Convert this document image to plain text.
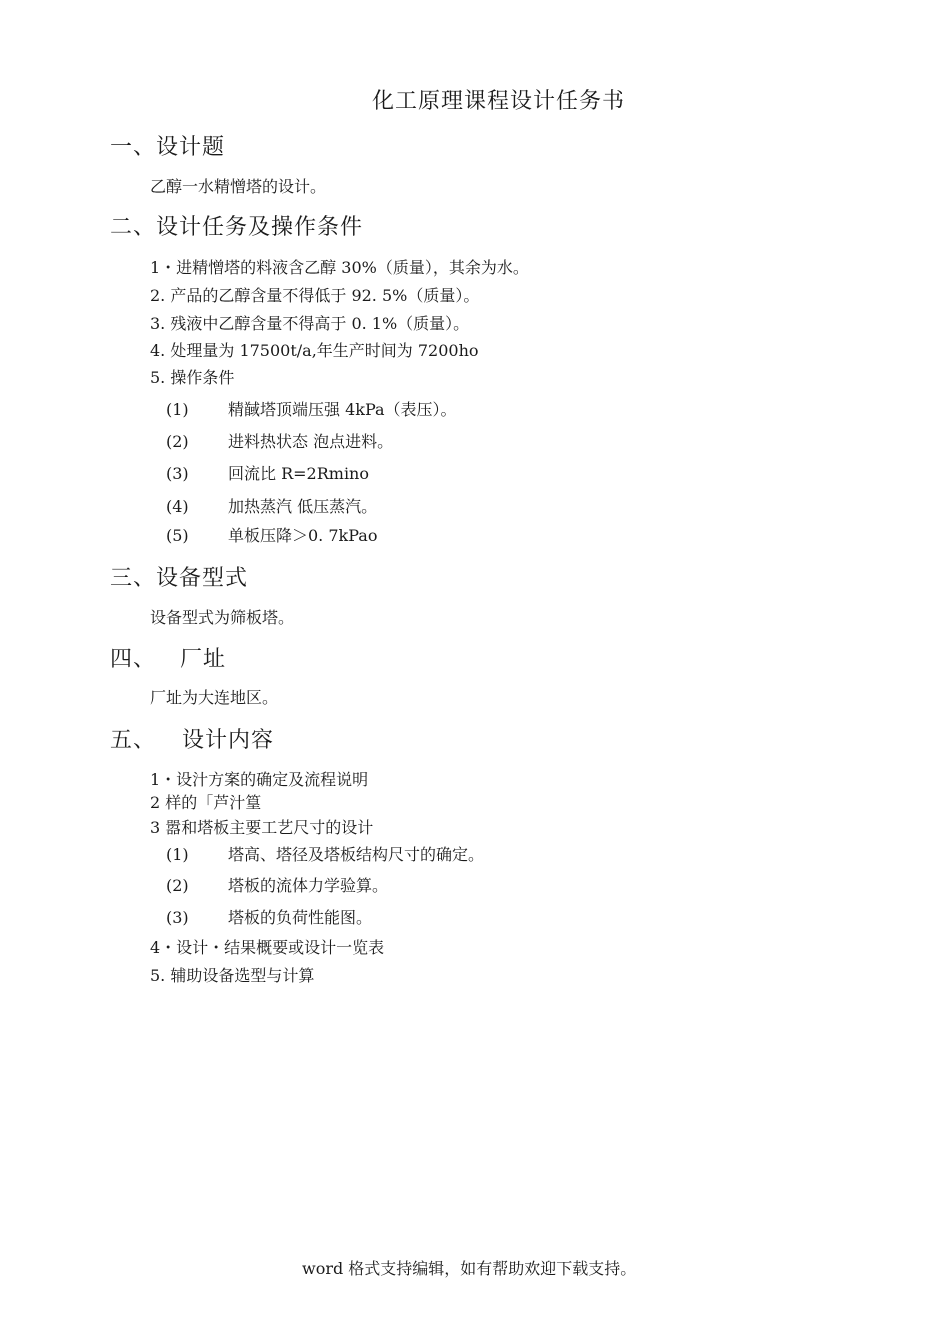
化工原理课程设计任务书
一、设计题
乙醇一水精憎塔的设计。
二、设计任务及操作条件
1・进精憎塔的料液含乙醇 30%（质量），其余为水。
2. 产品的乙醇含量不得低于 92. 5%（质量）。
3. 残液中乙醇含量不得高于 0. 1%（质量）。
4. 处理量为 17500t/a,年生产时间为 7200ho
5. 操作条件
(1) 精馘塔顶端压强 4kPa（表压）。
(2) 进料热状态 泡点进料。
(3) 回流比 R=2Rmino
(4) 加热蒸汽 低压蒸汽。
(5) 单板压降＞0. 7kPao
三、设备型式
设备型式为筛板塔。
四、 厂址
厂址为大连地区。
五、 设计内容
1・设汁方案的确定及流程说明
2 样的「芦汁篁
3 嚣和塔板主要工艺尺寸的设计
(1) 塔高、塔径及塔板结构尺寸的确定。
(2) 塔板的流体力学验算。
(3) 塔板的负荷性能图。
4・设计・结果概要或设计一览表
5. 辅助设备选型与计算
word 格式支持编辑，如有帮助欢迎下载支持。
